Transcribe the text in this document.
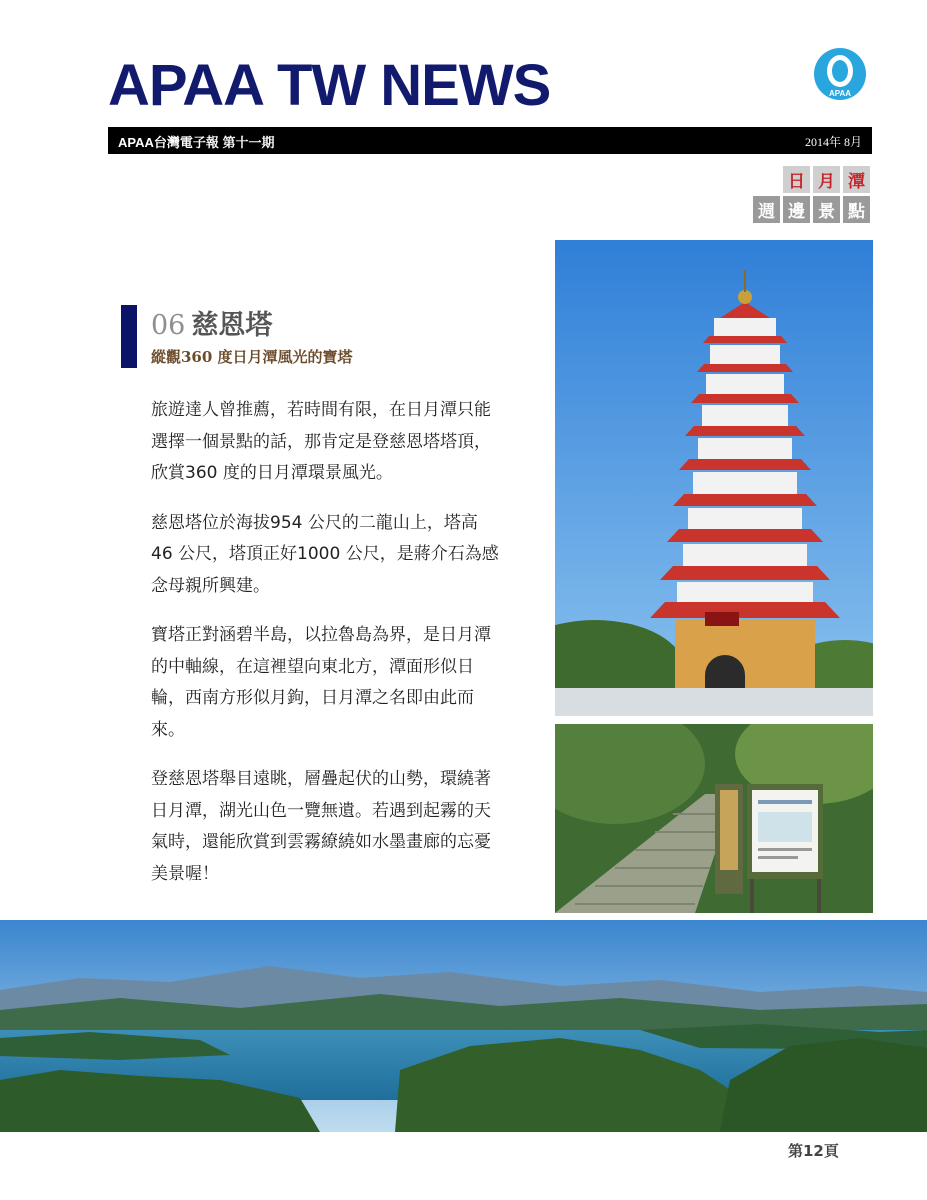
APAA TW NEWS	APAA
APAA台灣電子報 第十一期	2014年 8月
日 月 潭
週 邊 景 點
06 慈恩塔
縱觀360 度日月潭風光的寶塔

旅遊達人曾推薦，若時間有限，在日月潭只能選擇一個景點的話，那肯定是登慈恩塔塔頂，欣賞360 度的日月潭環景風光。

慈恩塔位於海拔954 公尺的二龍山上，塔高46 公尺，塔頂正好1000 公尺，是蔣介石為感念母親所興建。

寶塔正對涵碧半島，以拉魯島為界，是日月潭的中軸線，在這裡望向東北方，潭面形似日輪，西南方形似月鉤，日月潭之名即由此而來。

登慈恩塔舉目遠眺，層疊起伏的山勢，環繞著日月潭，湖光山色一覽無遺。若遇到起霧的天氣時，還能欣賞到雲霧繚繞如水墨畫廊的忘憂美景喔！

第12頁
